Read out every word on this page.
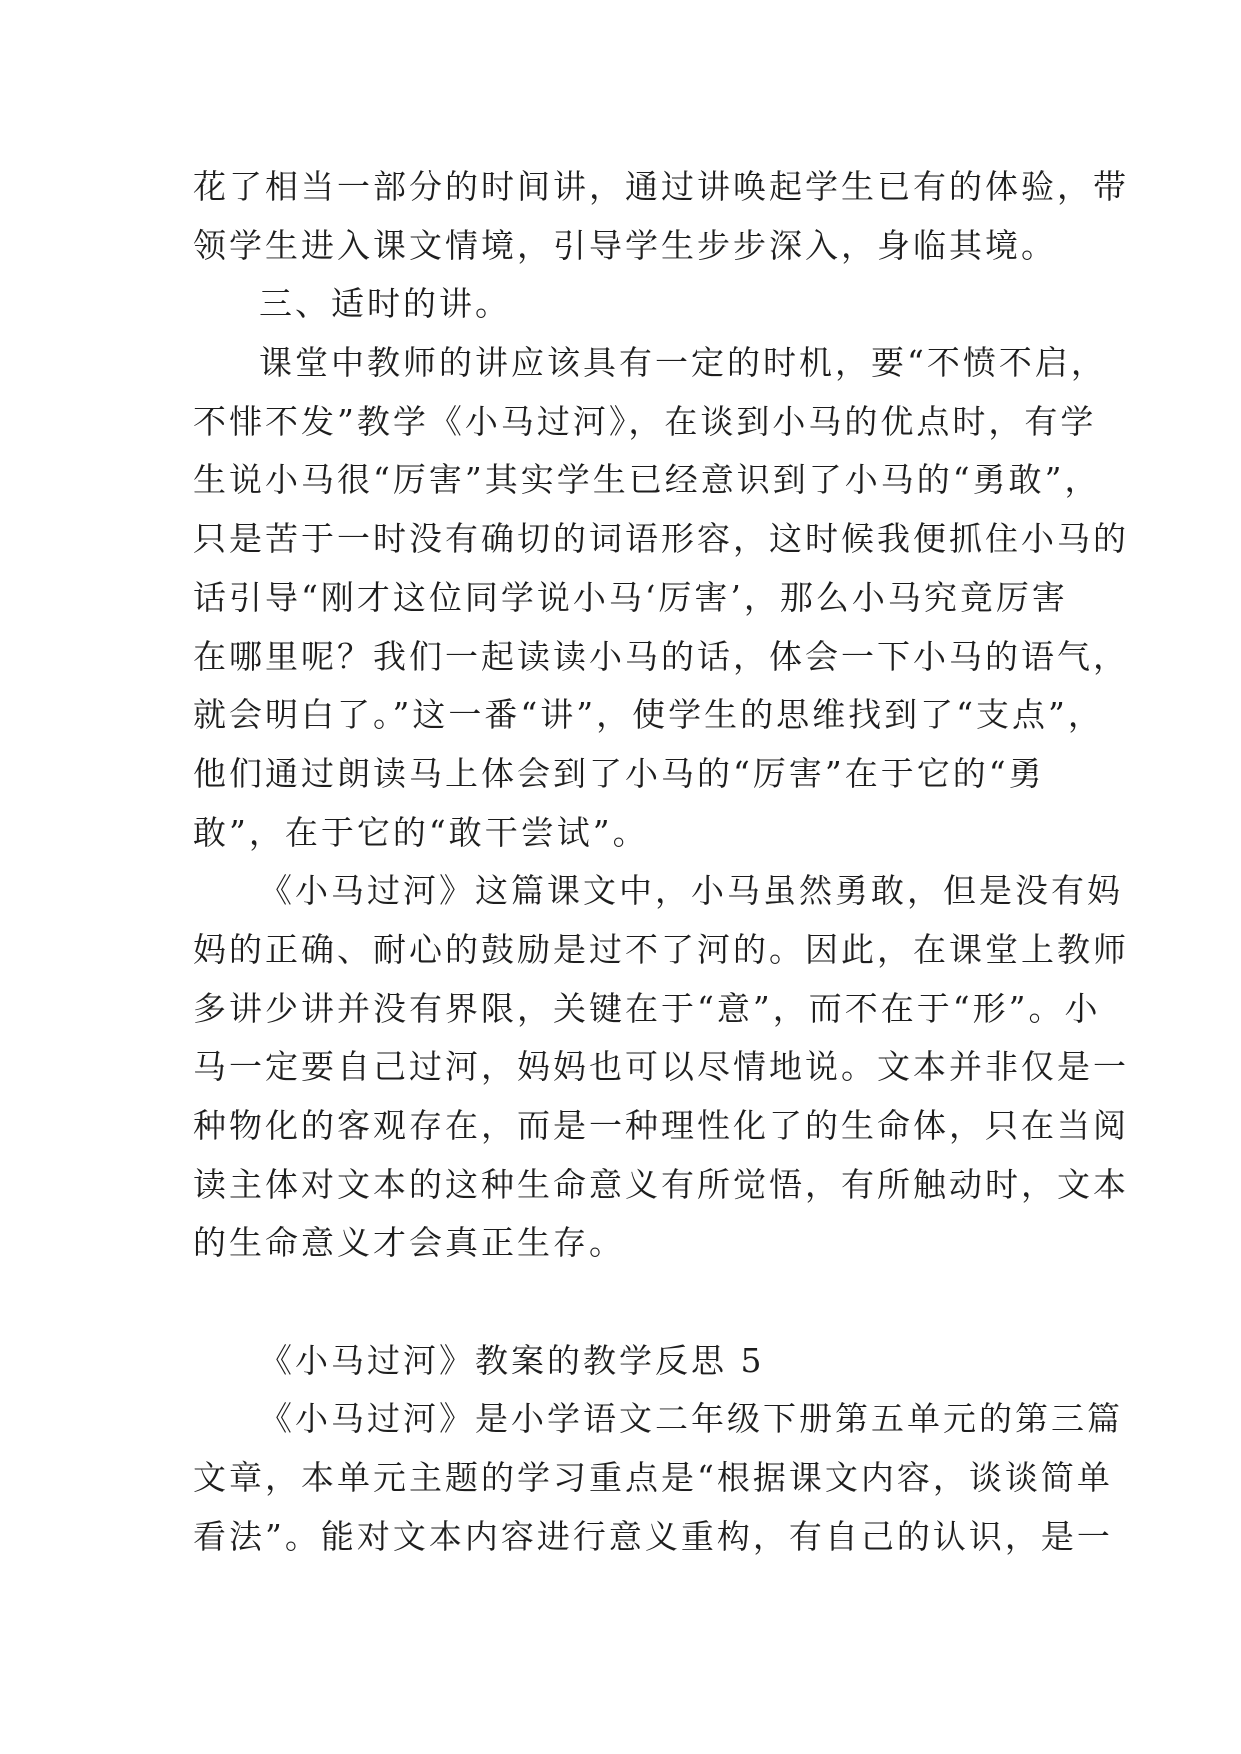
花了相当一部分的时间讲，通过讲唤起学生已有的体验，带
领学生进入课文情境，引导学生步步深入，身临其境。
三、适时的讲。
课堂中教师的讲应该具有一定的时机，要“不愤不启，
不悱不发”教学《小马过河》，在谈到小马的优点时，有学
生说小马很“厉害”其实学生已经意识到了小马的“勇敢”，
只是苦于一时没有确切的词语形容，这时候我便抓住小马的
话引导“刚才这位同学说小马‘厉害’，那么小马究竟厉害
在哪里呢？我们一起读读小马的话，体会一下小马的语气，
就会明白了。”这一番“讲”，使学生的思维找到了“支点”，
他们通过朗读马上体会到了小马的“厉害”在于它的“勇
敢”，在于它的“敢干尝试”。
《小马过河》这篇课文中，小马虽然勇敢，但是没有妈
妈的正确、耐心的鼓励是过不了河的。因此，在课堂上教师
多讲少讲并没有界限，关键在于“意”，而不在于“形”。小
马一定要自己过河，妈妈也可以尽情地说。文本并非仅是一
种物化的客观存在，而是一种理性化了的生命体，只在当阅
读主体对文本的这种生命意义有所觉悟，有所触动时，文本
的生命意义才会真正生存。
《小马过河》教案的教学反思 5
《小马过河》是小学语文二年级下册第五单元的第三篇
文章，本单元主题的学习重点是“根据课文内容，谈谈简单
看法”。能对文本内容进行意义重构，有自己的认识，是一
